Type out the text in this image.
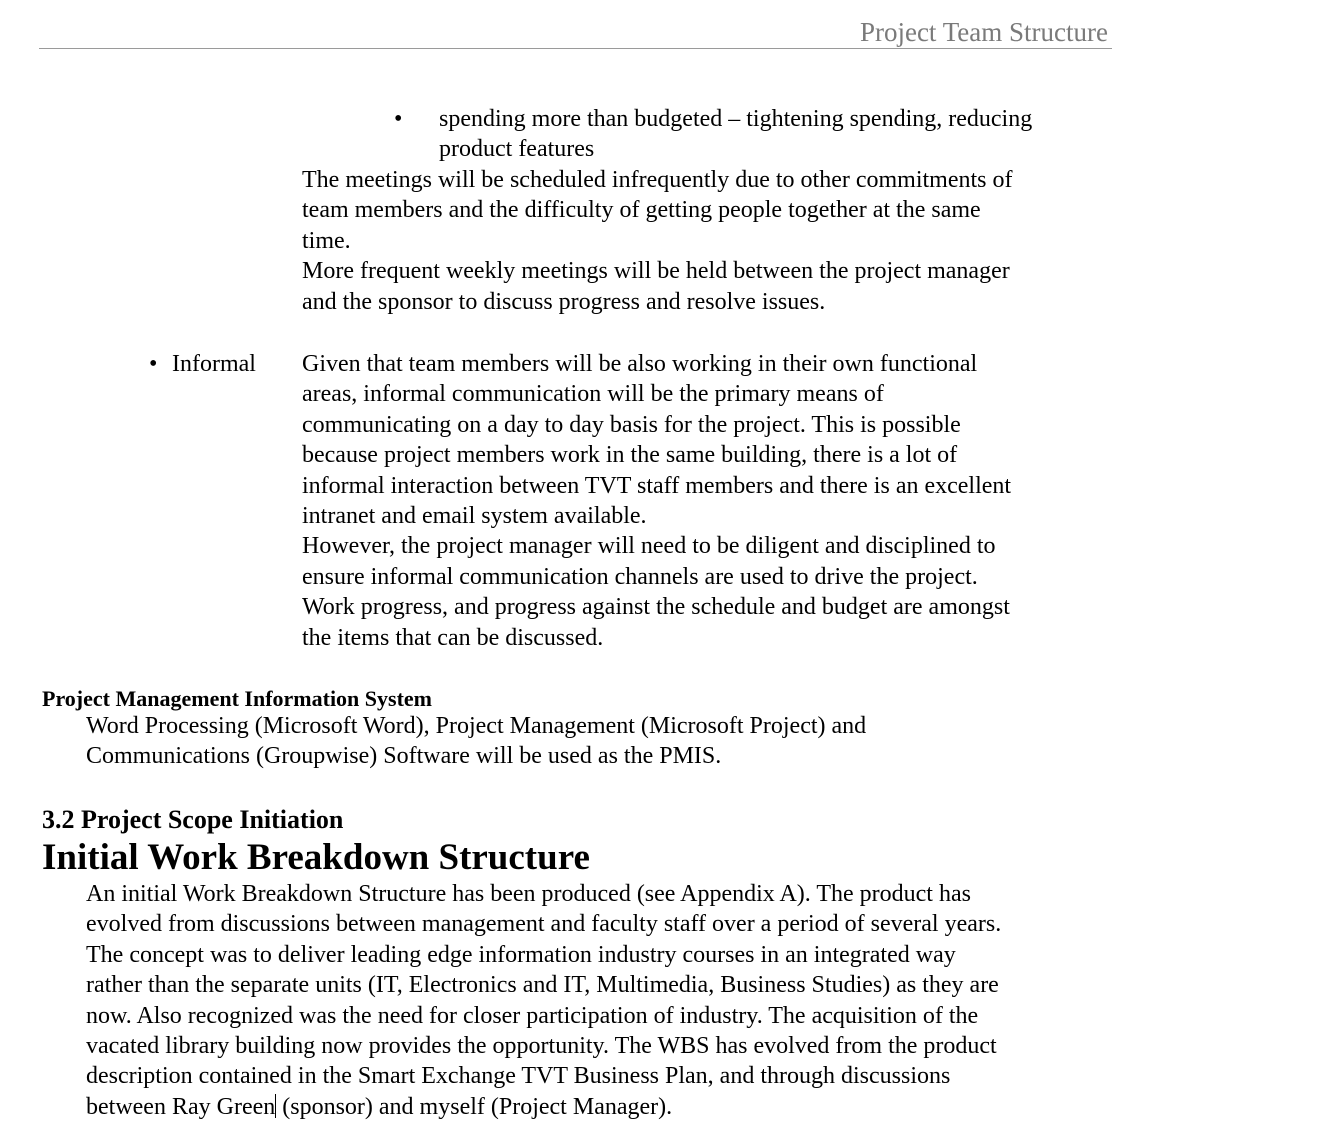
Project Team Structure
• spending more than budgeted – tightening spending, reducing
product features
The meetings will be scheduled infrequently due to other commitments of
team members and the difficulty of getting people together at the same
time.
More frequent weekly meetings will be held between the project manager
and the sponsor to discuss progress and resolve issues.
• Informal Given that team members will be also working in their own functional
areas, informal communication will be the primary means of
communicating on a day to day basis for the project. This is possible
because project members work in the same building, there is a lot of
informal interaction between TVT staff members and there is an excellent
intranet and email system available.
However, the project manager will need to be diligent and disciplined to
ensure informal communication channels are used to drive the project.
Work progress, and progress against the schedule and budget are amongst
the items that can be discussed.
Project Management Information System
Word Processing (Microsoft Word), Project Management (Microsoft Project) and
Communications (Groupwise) Software will be used as the PMIS.
3.2 Project Scope Initiation
Initial Work Breakdown Structure
An initial Work Breakdown Structure has been produced (see Appendix A). The product has
evolved from discussions between management and faculty staff over a period of several years.
The concept was to deliver leading edge information industry courses in an integrated way
rather than the separate units (IT, Electronics and IT, Multimedia, Business Studies) as they are
now. Also recognized was the need for closer participation of industry. The acquisition of the
vacated library building now provides the opportunity. The WBS has evolved from the product
description contained in the Smart Exchange TVT Business Plan, and through discussions
between Ray Green (sponsor) and myself (Project Manager).
